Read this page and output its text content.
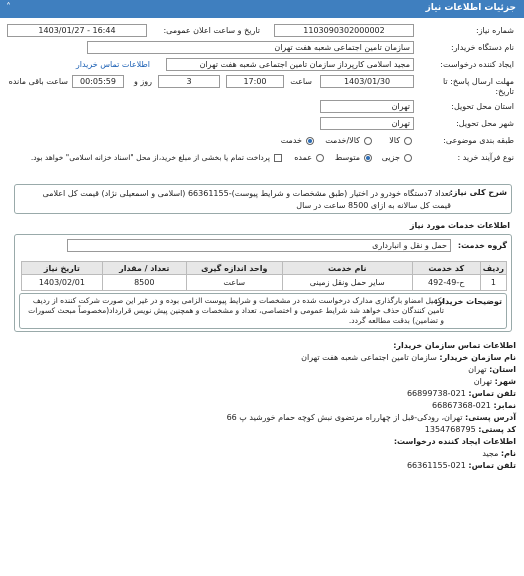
جزئیات اطلاعات نیاز
˄
شماره نیاز:
1103090302000002
تاریخ و ساعت اعلان عمومی:
1403/01/27 - 16:44
نام دستگاه خریدار:
سازمان تامین اجتماعی شعبه هفت تهران
ایجاد کننده درخواست:
مجید اسلامی کارپرداز سازمان تامین اجتماعی شعبه هفت تهران
اطلاعات تماس خریدار
مهلت ارسال پاسخ: تا
تاریخ:
1403/01/30
ساعت
17:00
3
روز و
00:05:59
ساعت باقی مانده
استان محل تحویل:
تهران
شهر محل تحویل:
تهران
طبقه بندی موضوعی:
کالا
کالا/خدمت
خدمت
نوع فرآیند خرید :
جزیی
متوسط
عمده
پرداخت تمام یا بخشی از مبلغ خرید،از محل "اسناد خزانه اسلامی" خواهد بود.
شرح کلی نیاز:
تعداد 7دستگاه خودرو در اختیار (طبق مشخصات و شرایط پیوست)-66361155 (اسلامی و اسمعیلی نژاد) قیمت کل اعلامی قیمت کل سالانه به ازای 8500 ساعت در سال
اطلاعات خدمات مورد نیاز
گروه خدمت:
حمل و نقل و انبارداری
ردیف	کد خدمت	نام خدمت	واحد اندازه گیری	تعداد / مقدار	تاریخ نیاز
1	ح-49-492	سایر حمل ونقل زمینی	ساعت	8500	1403/02/01
توضیحات خریدار:
تکمیل امضاو بارگذاری مدارک درخواست شده در مشخصات و شرایط پیوست الزامی بوده و در غیر این صورت شرکت کننده از ردیف تامین کنندگان حذف خواهد شد شرایط عمومی و اختصاصی، تعداد و مشخصات و همچنین پیش نویس قرارداد(مخصوصاً مبحث کسورات و تضامین) بدقت مطالعه گردد.
اطلاعات تماس سازمان خریدار:
نام سازمان خریدار: سازمان تامین اجتماعی شعبه هفت تهران
استان: تهران
شهر: تهران
تلفن تماس: 66899738-021
نمابر: 66867368-021
آدرس پستی: تهران، رودکی-قبل از چهارراه مرتضوی نبش کوچه حمام خورشید پ 66
کد پستی: 1354768795
اطلاعات ایجاد کننده درخواست:
نام: مجید
تلفن تماس: 66361155-021
